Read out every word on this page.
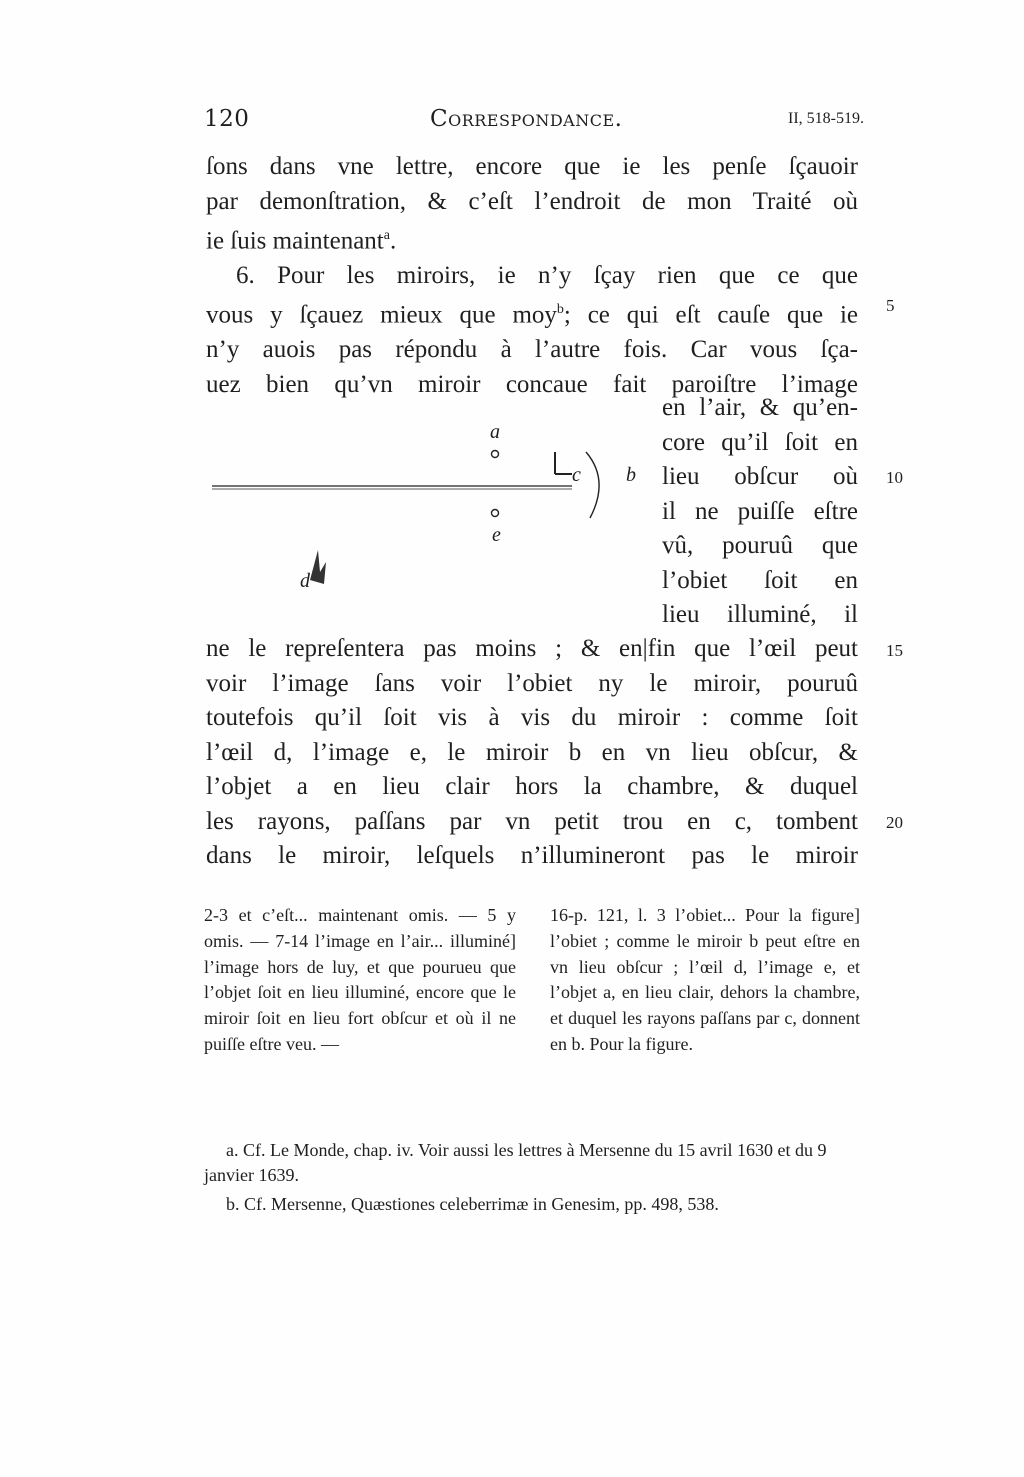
120	Correspondance.	II, 518-519.
ſons dans vne lettre, encore que ie les penſe ſçauoir
par demonſtration, & c’eſt l’endroit de mon Traité où
ie ſuis maintenant$^a$.
6. Pour les miroirs, ie n’y ſçay rien que ce que
vous y ſçauez mieux que moy$^b$; ce qui eſt cauſe que ie
n’y auois pas répondu à l’autre fois. Car vous ſça-
uez bien qu’vn miroir concaue fait paroiſtre l’image
a
c b
e
d
en l’air, & qu’en-
core qu’il ſoit en
lieu obſcur où
il ne puiſſe eſtre
vû, pouruû que
l’obiet ſoit en
lieu illuminé, il
ne le repreſentera pas moins ; & en|fin que l’œil peut
voir l’image ſans voir l’obiet ny le miroir, pouruû
toutefois qu’il ſoit vis à vis du miroir : comme ſoit
l’œil d, l’image e, le miroir b en vn lieu obſcur, &
l’objet a en lieu clair hors la chambre, & duquel
les rayons, paſſans par vn petit trou en c, tombent
dans le miroir, leſquels n’illumineront pas le miroir
5
10
15
20
2-3 et c’eſt... maintenant omis. — 5 y omis. — 7-14 l’image en l’air... illuminé] l’image hors de luy, et que pourueu que l’objet ſoit en lieu illuminé, encore que le miroir ſoit en lieu fort obſcur et où il ne puiſſe eſtre veu. —
16-p. 121, l. 3 l’obiet... Pour la figure] l’obiet ; comme le miroir b peut eſtre en vn lieu obſcur ; l’œil d, l’image e, et l’objet a, en lieu clair, dehors la chambre, et duquel les rayons paſſans par c, donnent en b. Pour la figure.

a. Cf. Le Monde, chap. iv. Voir aussi les lettres à Mersenne du 15 avril 1630 et du 9 janvier 1639.

b. Cf. Mersenne, Quæstiones celeberrimæ in Genesim, pp. 498, 538.
